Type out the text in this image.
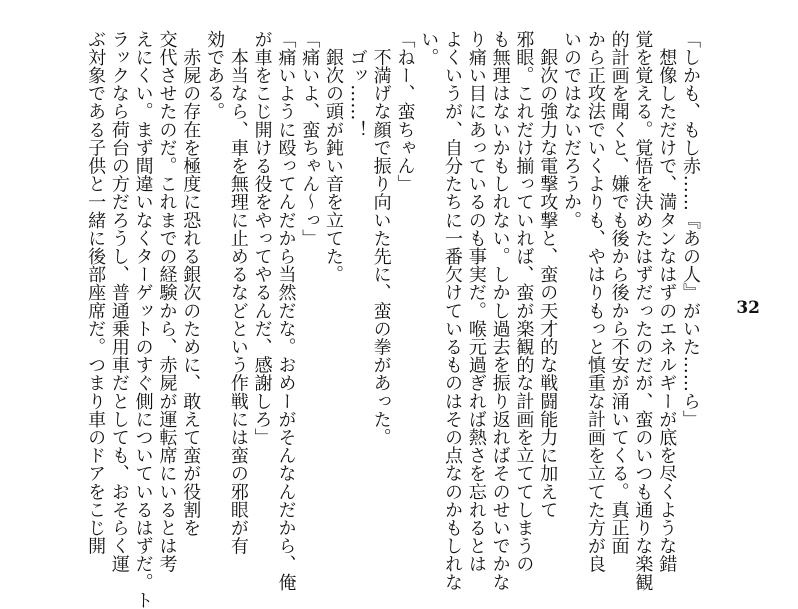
「しかも、もし赤……『あの人』がいた……ら」
　想像しただけで、満タンなはずのエネルギーが底を尽くような錯
覚を覚える。覚悟を決めたはずだったのだが、蛮のいつも通りな楽観
的計画を聞くと、嫌でも後から後から不安が涌いてくる。真正面
から正攻法でいくよりも、やはりもっと慎重な計画を立てた方が良
いのではないだろうか。
　銀次の強力な電撃攻撃と、蛮の天才的な戦闘能力に加えて
邪眼。これだけ揃っていれば、蛮が楽観的な計画を立ててしまうの
も無理はないかもしれない。しかし過去を振り返ればそのせいでかな
り痛い目にあっているのも事実だ。喉元過ぎれば熱さを忘れるとは
よくいうが、自分たちに一番欠けているものはその点なのかもしれな
い。
「ねー、蛮ちゃん」
　不満げな顔で振り向いた先に、蛮の拳があった。
　ゴッ……！
　銀次の頭が鈍い音を立てた。
「痛いよ、蛮ちゃん〜っ」
「痛いように殴ってんだから当然だな。おめーがそんなんだから、俺
が車をこじ開ける役をやってやるんだ、感謝しろ」
　本当なら、車を無理に止めるなどという作戦には蛮の邪眼が有
効である。
　赤屍の存在を極度に恐れる銀次のために、敢えて蛮が役割を
交代させたのだ。これまでの経験から、赤屍が運転席にいるとは考
えにくい。まず間違いなくターゲットのすぐ側についているはずだ。ト
ラックなら荷台の方だろうし、普通乗用車だとしても、おそらく運
ぶ対象である子供と一緒に後部座席だ。つまり車のドアをこじ開	32
